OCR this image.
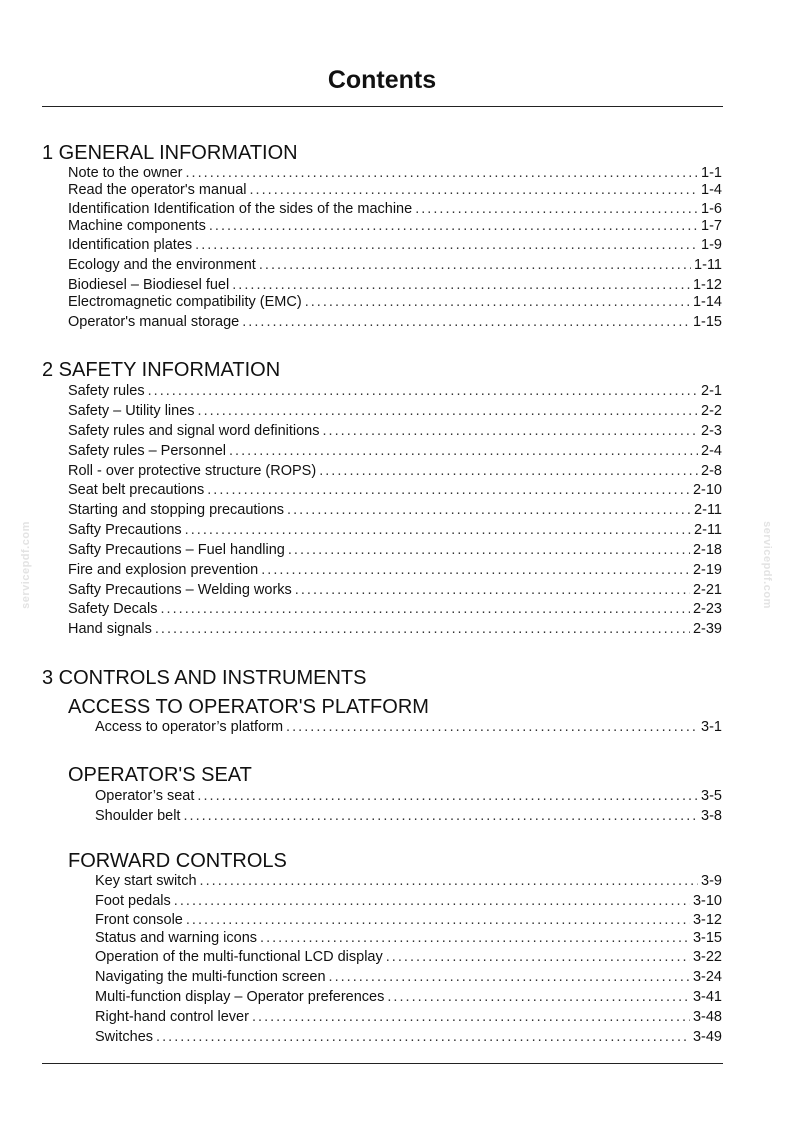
servicepdf.com	servicepdf.com
Contents
1 GENERAL INFORMATION
Note to the owner . . .	1-1
Read the operator's manual . . .	1-4
Identification Identification of the sides of the machine . . .	1-6
Machine components . . .	1-7
Identification plates . . .	1-9
Ecology and the environment . . .	1-11
Biodiesel – Biodiesel fuel . . .	1-12
Electromagnetic compatibility (EMC) . . .	1-14
Operator's manual storage . . .	1-15
2 SAFETY INFORMATION
Safety rules . . .	2-1
Safety – Utility lines . . .	2-2
Safety rules and signal word definitions . . .	2-3
Safety rules – Personnel . . .	2-4
Roll - over protective structure (ROPS) . . .	2-8
Seat belt precautions . . .	2-10
Starting and stopping precautions . . .	2-11
Safty Precautions . . .	2-11
Safty Precautions – Fuel handling . . .	2-18
Fire and explosion prevention . . .	2-19
Safty Precautions – Welding works . . .	2-21
Safety Decals . . .	2-23
Hand signals . . .	2-39
3 CONTROLS AND INSTRUMENTS
ACCESS TO OPERATOR'S PLATFORM
Access to operator’s platform . . .	3-1
OPERATOR'S SEAT
Operator’s seat . . .	3-5
Shoulder belt . . .	3-8
FORWARD CONTROLS
Key start switch . . .	3-9
Foot pedals . . .	3-10
Front console . . .	3-12
Status and warning icons . . .	3-15
Operation of the multi-functional LCD display . . .	3-22
Navigating the multi-function screen . . .	3-24
Multi-function display – Operator preferences . . .	3-41
Right-hand control lever . . .	3-48
Switches . . .	3-49
